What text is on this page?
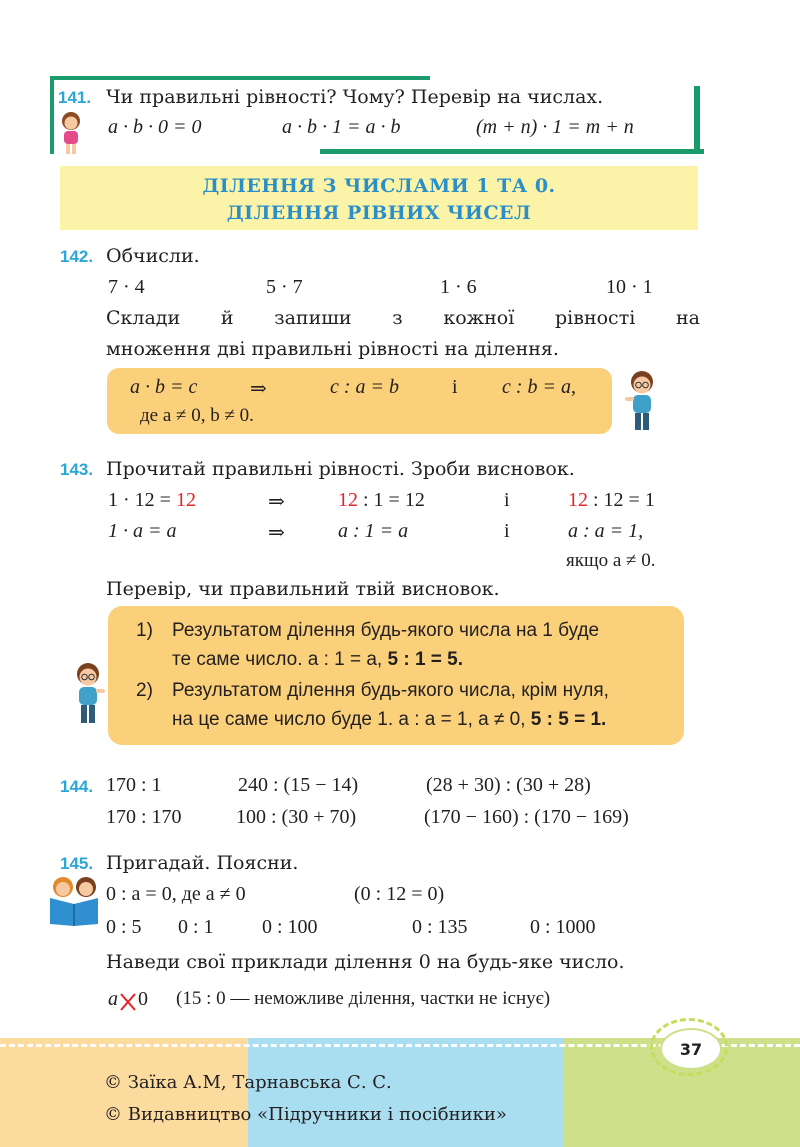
141. Чи правильні рівності? Чому? Перевір на числах.
a · b · 0 = 0	a · b · 1 = a · b	(m + n) · 1 = m + n
ДІЛЕННЯ З ЧИСЛАМИ 1 ТА 0.
ДІЛЕННЯ РІВНИХ ЧИСЕЛ
142. Обчисли.
7 · 4	5 · 7	1 · 6	10 · 1
Склади й запиши з кожної рівності на
множення дві правильні рівності на ділення.
a · b = c	⇒	c : a = b	і c : b = a,
де a ≠ 0, b ≠ 0.
143. Прочитай правильні рівності. Зроби висновок.
1 · 12 = 12	⇒	12 : 1 = 12	і	12 : 12 = 1
1 · a = a	⇒	a : 1 = a	і	a : a = 1,
якщо a ≠ 0.
Перевір, чи правильний твій висновок.
1) Результатом ділення будь-якого числа на 1 буде
те саме число. a : 1 = a, 5 : 1 = 5.
2) Результатом ділення будь-якого числа, крім нуля,
на це саме число буде 1. a : a = 1, a ≠ 0, 5 : 5 = 1.
144. 170 : 1	240 : (15 − 14)	(28 + 30) : (30 + 28)
170 : 170	100 : (30 + 70)	(170 − 160) : (170 − 169)
145. Пригадай. Поясни.
0 : a = 0, де a ≠ 0	(0 : 12 = 0)
0 : 5 0 : 1 0 : 100	0 : 135	0 : 1000
Наведи свої приклади ділення 0 на будь-яке число.
a 0 (15 : 0 — неможливе ділення, частки не існує)
37
© Заїка А.М, Тарнавська С. С.
© Видавництво «Підручники і посібники»
